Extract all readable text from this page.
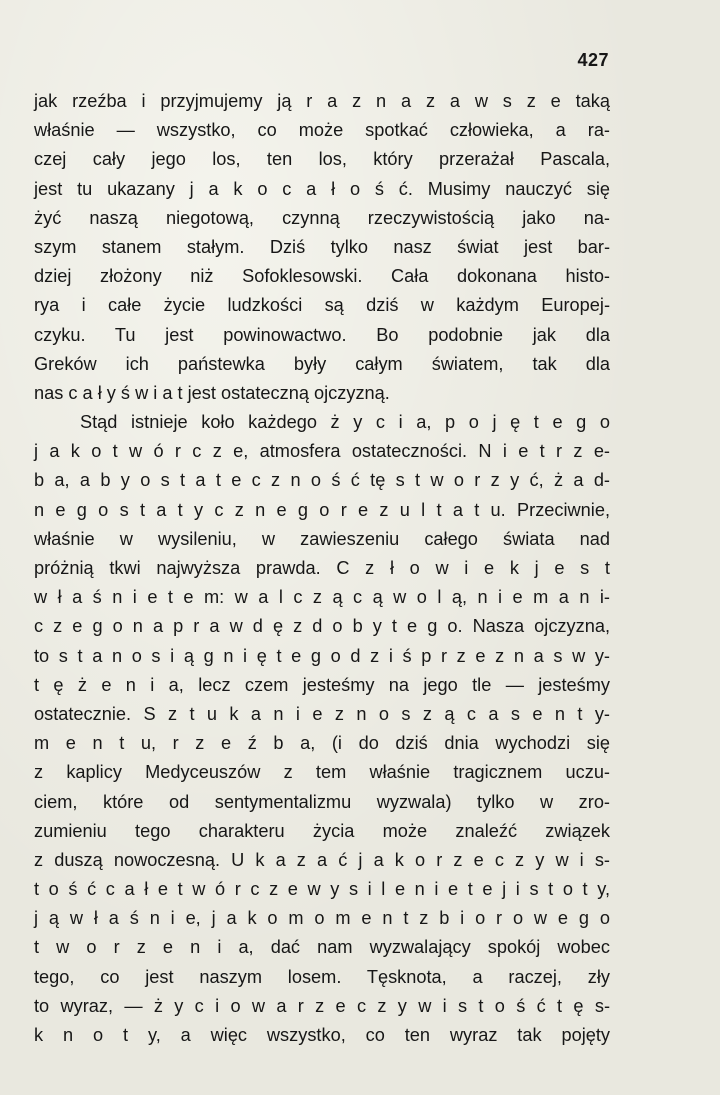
427
jak rzeźba i przyjmujemy ją r a z n a z a w s z e taką
właśnie — wszystko, co może spotkać człowieka, a ra-
czej cały jego los, ten los, który przerażał Pascala,
jest tu ukazany j a k o c a ł o ś ć. Musimy nauczyć się
żyć naszą niegotową, czynną rzeczywistością jako na-
szym stanem stałym. Dziś tylko nasz świat jest bar-
dziej złożony niż Sofoklesowski. Cała dokonana histo-
rya i całe życie ludzkości są dziś w każdym Europej-
czyku. Tu jest powinowactwo. Bo podobnie jak dla
Greków ich państewka były całym światem, tak dla
nas c a ł y ś w i a t jest ostateczną ojczyzną.
Stąd istnieje koło każdego ż y c i a, p o j ę t e g o
j a k o t w ó r c z e, atmosfera ostateczności. N i e t r z e-
b a, a b y o s t a t e c z n o ś ć tę s t w o r z y ć, ż a d-
n e g o s t a t y c z n e g o r e z u l t a t u. Przeciwnie,
właśnie w wysileniu, w zawieszeniu całego świata nad
próżnią tkwi najwyższa prawda. C z ł o w i e k j e s t
w ł a ś n i e t e m: w a l c z ą c ą w o l ą, n i e m a n i-
c z e g o n a p r a w d ę z d o b y t e g o. Nasza ojczyzna,
to s t a n o s i ą g n i ę t e g o d z i ś p r z e z n a s w y-
t ę ż e n i a, lecz czem jesteśmy na jego tle — jesteśmy
ostatecznie. S z t u k a n i e z n o s z ą c a s e n t y-
m e n t u, r z e ź b a, (i do dziś dnia wychodzi się
z kaplicy Medyceuszów z tem właśnie tragicznem uczu-
ciem, które od sentymentalizmu wyzwala) tylko w zro-
zumieniu tego charakteru życia może znaleźć związek
z duszą nowoczesną. U k a z a ć j a k o r z e c z y w i s-
t o ś ć c a ł e t w ó r c z e w y s i l e n i e t e j i s t o t y,
j ą w ł a ś n i e, j a k o m o m e n t z b i o r o w e g o
t w o r z e n i a, dać nam wyzwalający spokój wobec
tego, co jest naszym losem. Tęsknota, a raczej, zły
to wyraz, — ż y c i o w a r z e c z y w i s t o ś ć t ę s-
k n o t y, a więc wszystko, co ten wyraz tak pojęty
